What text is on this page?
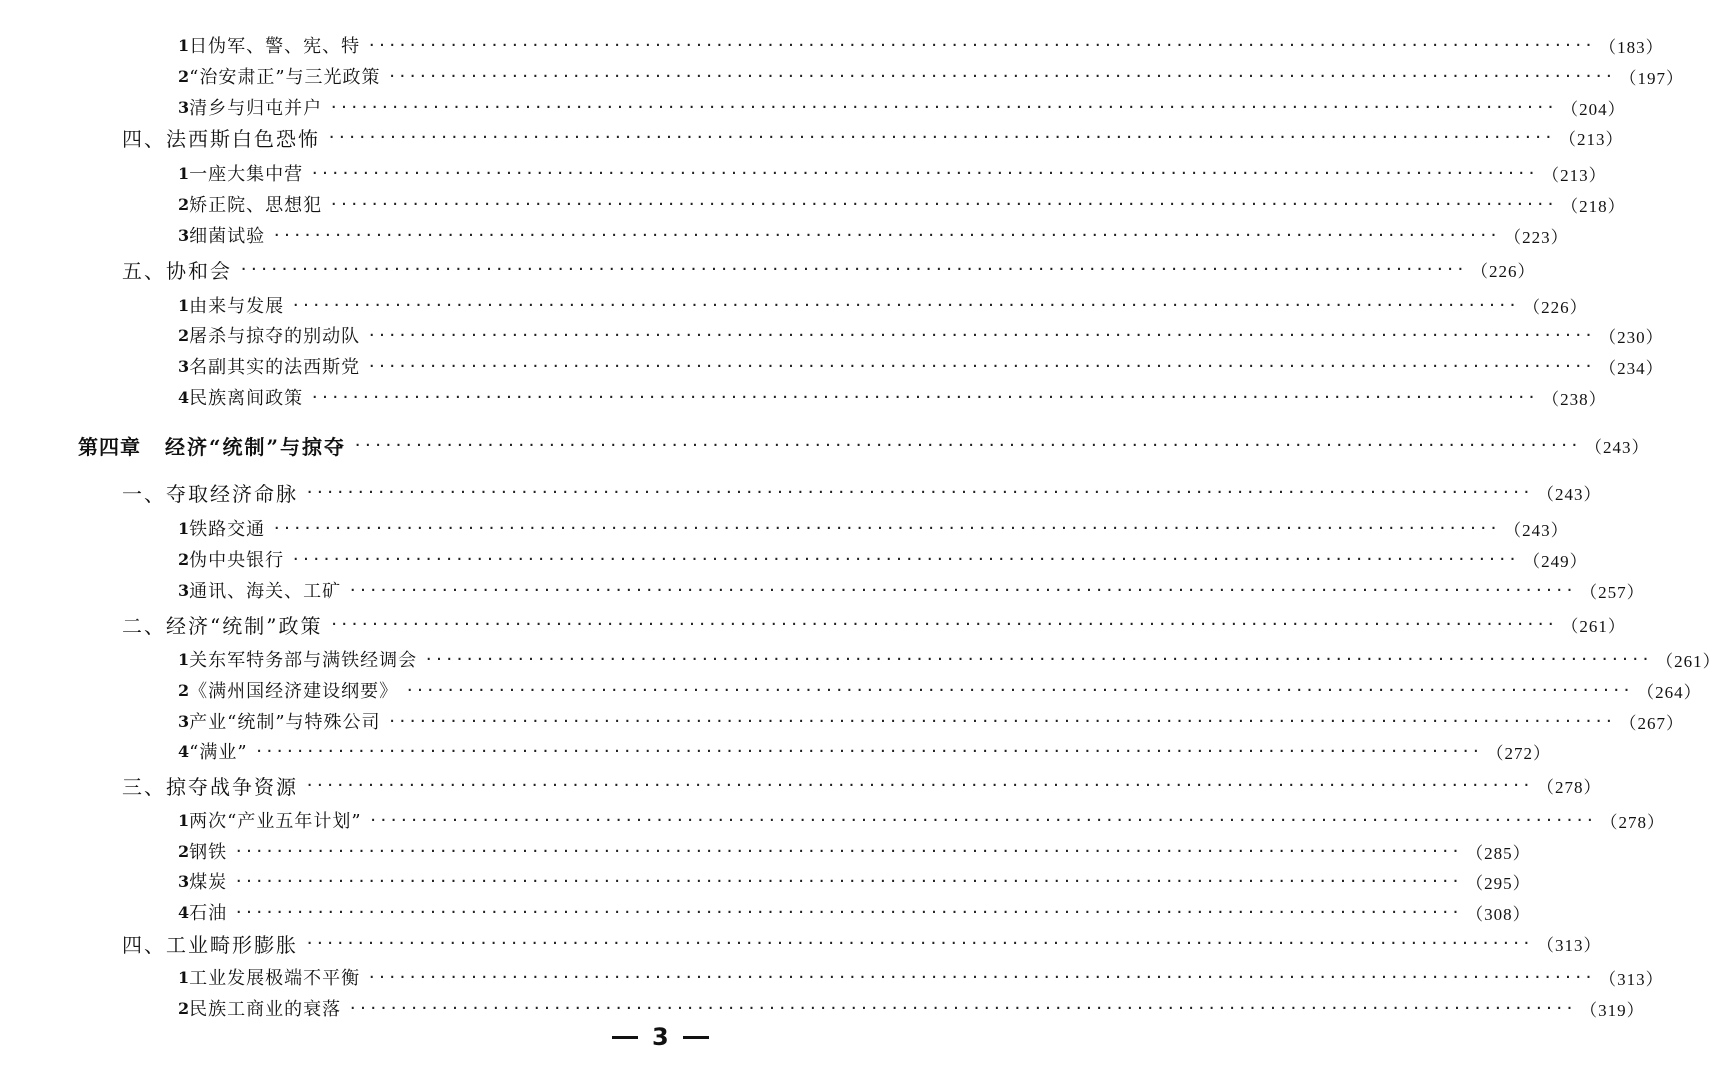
1 日伪军、警、宪、特 ························································································································ （183）
2 “治安肃正”与三光政策 ························································································································ （197）
3 清乡与归屯并户 ························································································································ （204）
四、法西斯白色恐怖 ························································································································ （213）
1 一座大集中营 ························································································································ （213）
2 矫正院、思想犯 ························································································································ （218）
3 细菌试验 ························································································································ （223）
五、协和会 ························································································································ （226）
1 由来与发展 ························································································································ （226）
2 屠杀与掠夺的别动队 ························································································································ （230）
3 名副其实的法西斯党 ························································································································ （234）
4 民族离间政策 ························································································································ （238）
第四章 经济“统制”与掠夺 ························································································································ （243）
一、夺取经济命脉 ························································································································ （243）
1 铁路交通 ························································································································ （243）
2 伪中央银行 ························································································································ （249）
3 通讯、海关、工矿 ························································································································ （257）
二、经济“统制”政策 ························································································································ （261）
1 关东军特务部与满铁经调会 ························································································································ （261）
2 《满州国经济建设纲要》 ························································································································ （264）
3 产业“统制”与特殊公司 ························································································································ （267）
4 “满业” ························································································································ （272）
三、掠夺战争资源 ························································································································ （278）
1 两次“产业五年计划” ························································································································ （278）
2 钢铁 ························································································································ （285）
3 煤炭 ························································································································ （295）
4 石油 ························································································································ （308）
四、工业畸形膨胀 ························································································································ （313）
1 工业发展极端不平衡 ························································································································ （313）
2 民族工商业的衰落 ························································································································ （319）
3
